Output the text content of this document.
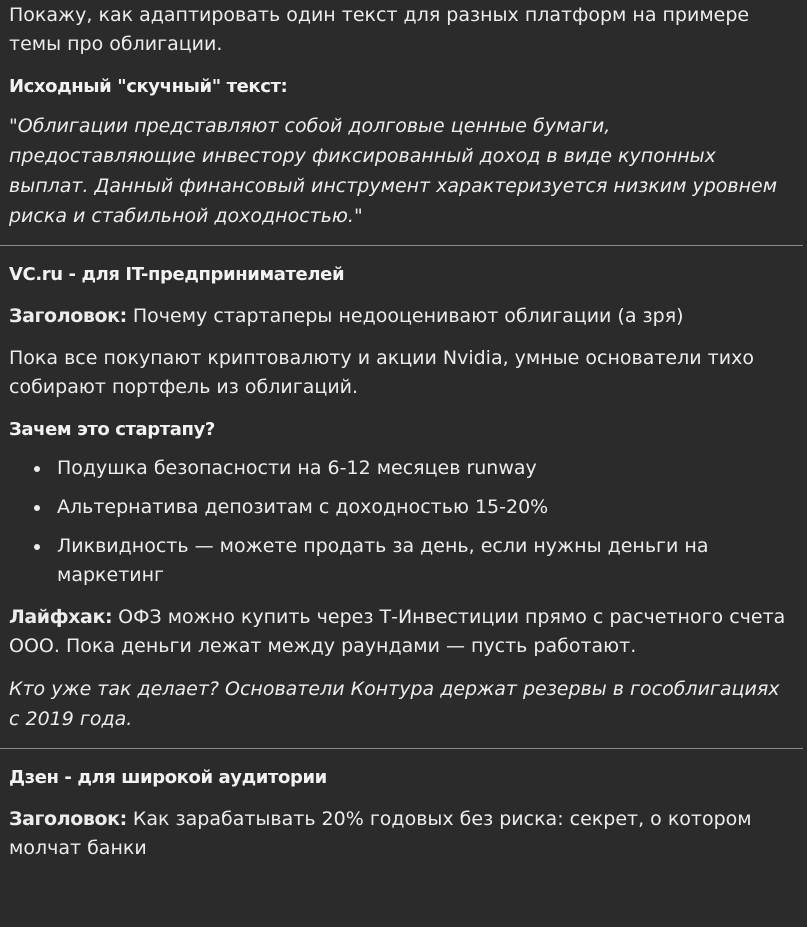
Покажу, как адаптировать один текст для разных платформ на примере темы про облигации.

Исходный "скучный" текст:

"Облигации представляют собой долговые ценные бумаги, предоставляющие инвестору фиксированный доход в виде купонных выплат. Данный финансовый инструмент характеризуется низким уровнем риска и стабильной доходностью."

VC.ru - для IT-предпринимателей

Заголовок: Почему стартаперы недооценивают облигации (а зря)

Пока все покупают криптовалюту и акции Nvidia, умные основатели тихо собирают портфель из облигаций.

Зачем это стартапу?

Подушка безопасности на 6-12 месяцев runway
Альтернатива депозитам с доходностью 15-20%
Ликвидность — можете продать за день, если нужны деньги на маркетинг

Лайфхак: ОФЗ можно купить через Т-Инвестиции прямо с расчетного счета ООО. Пока деньги лежат между раундами — пусть работают.

Кто уже так делает? Основатели Контура держат резервы в гособлигациях с 2019 года.

Дзен - для широкой аудитории

Заголовок: Как зарабатывать 20% годовых без риска: секрет, о котором молчат банки
